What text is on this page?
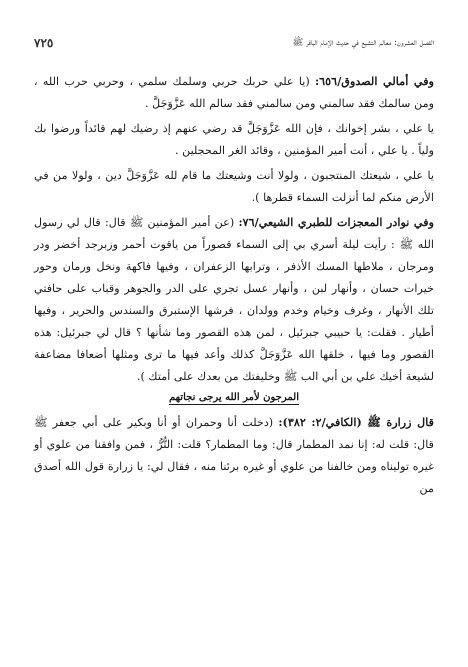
الفصل العشرون: معالم التشيع في حديث الإمام الباقر ﷺ
٧٢٥

وفي أمالي الصدوق/٦٥٦: (يا علي حربك حربي وسلمك سلمي ، وحربي حرب الله ، ومن سالمك فقد سالمني ومن سالمني فقد سالم الله عَزَّوَجَلَّ .

يا علي ، بشر إخوانك ، فإن الله عَزَّوَجَلَّ قد رضي عنهم إذ رضيك لهم قائداً ورضوا بك ولياً . يا علي ، أنت أمير المؤمنين ، وقائد الغر المحجلين .

يا علي ، شيعتك المنتجبون ، ولولا أنت وشيعتك ما قام لله عَزَّوَجَلَّ دين ، ولولا من في الأرض منكم لما أنزلت السماء قطرها ).

وفي نوادر المعجزات للطبري الشيعي/٧٦: (عن أمير المؤمنين ﷺ قال: قال لي رسول الله ﷺ : رأيت ليلة أسري بي إلى السماء قصوراً من ياقوت أحمر وزبرجد أخضر ودر ومرجان ، ملاطها المسك الأذفر ، وترابها الزعفران ، وفيها فاكهة ونخل ورمان وحور خيرات حسان ، وأنهار لبن ، وأنهار عسل تجري على الدر والجوهر وقباب على حافتي تلك الأنهار ، وغرف وخيام وخدم وولدان ، فرشها الإستبرق والسندس والحرير ، وفيها أطيار . فقلت: يا حبيبي جبرئيل ، لمن هذه القصور وما شأنها ؟ قال لي جبرئيل: هذه القصور وما فيها ، خلقها الله عَزَّوَجَلَّ كذلك وأعد فيها ما ترى ومثلها أضعافا مضاعفة لشيعة أخيك علي بن أبي الب ﷺ وخليفتك من بعدك على أمتك ).

المرجون لأمر الله يرجى نجاتهم

قال زرارة ﷺ (الكافي/٢: ٣٨٢): (دخلت أنا وحمران أو أنا وبكير على أبي جعفر ﷺ قال: قلت له: إنا نمد المطمار قال: وما المطمار؟ قلت: التُّرُّ ، فمن وافقنا من علوي أو غيره توليناه ومن خالفنا من علوي أو غيره برئنا منه ، فقال لي: يا زرارة قول الله أصدق من
